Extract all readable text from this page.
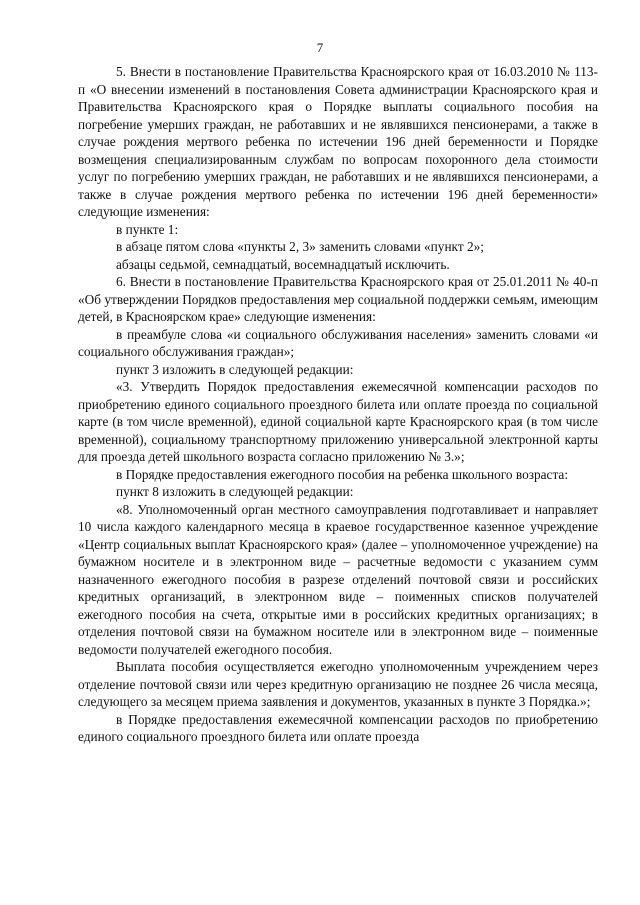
7

5. Внести в постановление Правительства Красноярского края от 16.03.2010 № 113-п «О внесении изменений в постановления Совета администрации Красноярского края и Правительства Красноярского края о Порядке выплаты социального пособия на погребение умерших граждан, не работавших и не являвшихся пенсионерами, а также в случае рождения мертвого ребенка по истечении 196 дней беременности и Порядке возмещения специализированным службам по вопросам похоронного дела стоимости услуг по погребению умерших граждан, не работавших и не являвшихся пенсионерами, а также в случае рождения мертвого ребенка по истечении 196 дней беременности» следующие изменения:

в пункте 1:

в абзаце пятом слова «пункты 2, 3» заменить словами «пункт 2»;

абзацы седьмой, семнадцатый, восемнадцатый исключить.

6. Внести в постановление Правительства Красноярского края от 25.01.2011 № 40-п «Об утверждении Порядков предоставления мер социальной поддержки семьям, имеющим детей, в Красноярском крае» следующие изменения:

в преамбуле слова «и социального обслуживания населения» заменить словами «и социального обслуживания граждан»;

пункт 3 изложить в следующей редакции:

«3. Утвердить Порядок предоставления ежемесячной компенсации расходов по приобретению единого социального проездного билета или оплате проезда по социальной карте (в том числе временной), единой социальной карте Красноярского края (в том числе временной), социальному транспортному приложению универсальной электронной карты для проезда детей школьного возраста согласно приложению № 3.»;

в Порядке предоставления ежегодного пособия на ребенка школьного возраста:

пункт 8 изложить в следующей редакции:

«8. Уполномоченный орган местного самоуправления подготавливает и направляет 10 числа каждого календарного месяца в краевое государственное казенное учреждение «Центр социальных выплат Красноярского края» (далее – уполномоченное учреждение) на бумажном носителе и в электронном виде – расчетные ведомости с указанием сумм назначенного ежегодного пособия в разрезе отделений почтовой связи и российских кредитных организаций, в электронном виде – поименных списков получателей ежегодного пособия на счета, открытые ими в российских кредитных организациях; в отделения почтовой связи на бумажном носителе или в электронном виде – поименные ведомости получателей ежегодного пособия.

Выплата пособия осуществляется ежегодно уполномоченным учреждением через отделение почтовой связи или через кредитную организацию не позднее 26 числа месяца, следующего за месяцем приема заявления и документов, указанных в пункте 3 Порядка.»;

в Порядке предоставления ежемесячной компенсации расходов по приобретению единого социального проездного билета или оплате проезда
